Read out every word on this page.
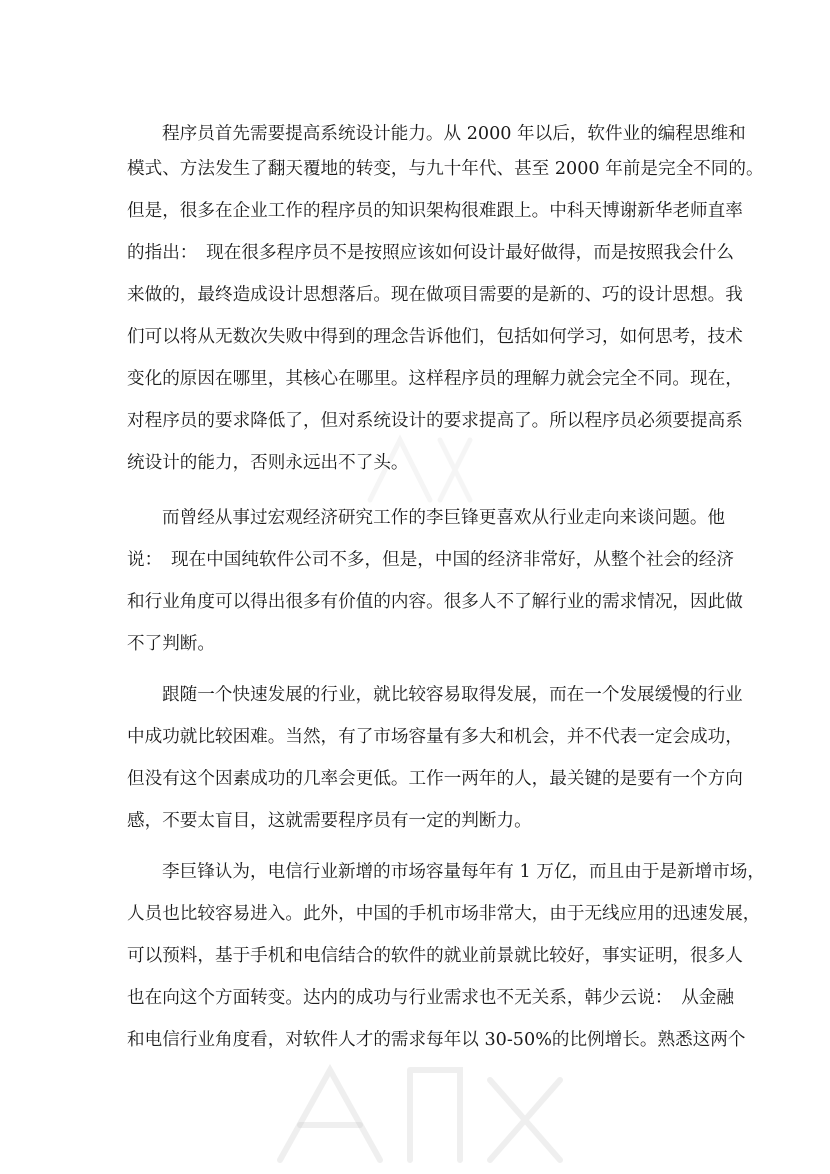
程序员首先需要提高系统设计能力。从 2000 年以后，软件业的编程思维和
模式、方法发生了翻天覆地的转变，与九十年代、甚至 2000 年前是完全不同的。
但是，很多在企业工作的程序员的知识架构很难跟上。中科天博谢新华老师直率
的指出：　现在很多程序员不是按照应该如何设计最好做得，而是按照我会什么
来做的，最终造成设计思想落后。现在做项目需要的是新的、巧的设计思想。我
们可以将从无数次失败中得到的理念告诉他们，包括如何学习，如何思考，技术
变化的原因在哪里，其核心在哪里。这样程序员的理解力就会完全不同。现在，
对程序员的要求降低了，但对系统设计的要求提高了。所以程序员必须要提高系
统设计的能力，否则永远出不了头。
而曾经从事过宏观经济研究工作的李巨锋更喜欢从行业走向来谈问题。他
说：　现在中国纯软件公司不多，但是，中国的经济非常好，从整个社会的经济
和行业角度可以得出很多有价值的内容。很多人不了解行业的需求情况，因此做
不了判断。
跟随一个快速发展的行业，就比较容易取得发展，而在一个发展缓慢的行业
中成功就比较困难。当然，有了市场容量有多大和机会，并不代表一定会成功，
但没有这个因素成功的几率会更低。工作一两年的人，最关键的是要有一个方向
感，不要太盲目，这就需要程序员有一定的判断力。
李巨锋认为，电信行业新增的市场容量每年有 1 万亿，而且由于是新增市场，
人员也比较容易进入。此外，中国的手机市场非常大，由于无线应用的迅速发展，
可以预料，基于手机和电信结合的软件的就业前景就比较好，事实证明，很多人
也在向这个方面转变。达内的成功与行业需求也不无关系，韩少云说：　从金融
和电信行业角度看，对软件人才的需求每年以 30-50%的比例增长。熟悉这两个
